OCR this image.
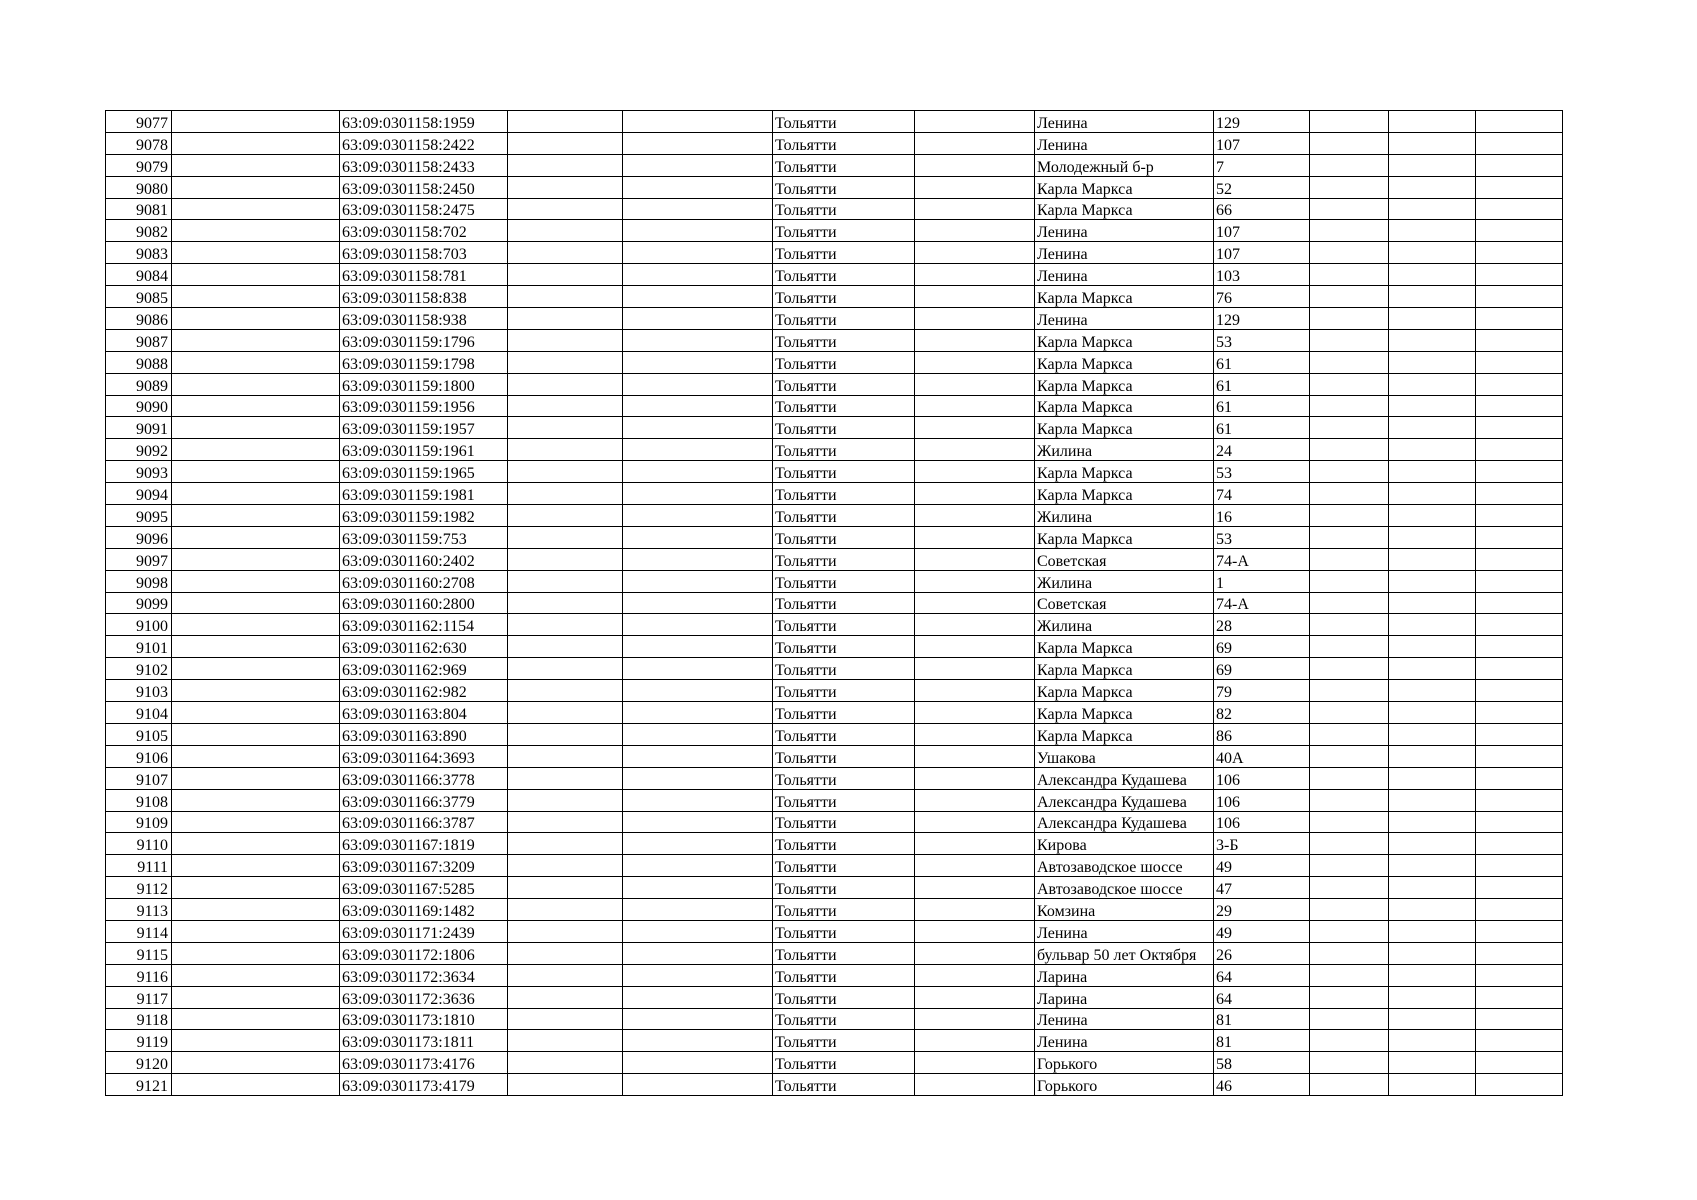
9077		63:09:0301158:1959			Тольятти		Ленина	129			
9078		63:09:0301158:2422			Тольятти		Ленина	107			
9079		63:09:0301158:2433			Тольятти		Молодежный б-р	7			
9080		63:09:0301158:2450			Тольятти		Карла Маркса	52			
9081		63:09:0301158:2475			Тольятти		Карла Маркса	66			
9082		63:09:0301158:702			Тольятти		Ленина	107			
9083		63:09:0301158:703			Тольятти		Ленина	107			
9084		63:09:0301158:781			Тольятти		Ленина	103			
9085		63:09:0301158:838			Тольятти		Карла Маркса	76			
9086		63:09:0301158:938			Тольятти		Ленина	129			
9087		63:09:0301159:1796			Тольятти		Карла Маркса	53			
9088		63:09:0301159:1798			Тольятти		Карла Маркса	61			
9089		63:09:0301159:1800			Тольятти		Карла Маркса	61			
9090		63:09:0301159:1956			Тольятти		Карла Маркса	61			
9091		63:09:0301159:1957			Тольятти		Карла Маркса	61			
9092		63:09:0301159:1961			Тольятти		Жилина	24			
9093		63:09:0301159:1965			Тольятти		Карла Маркса	53			
9094		63:09:0301159:1981			Тольятти		Карла Маркса	74			
9095		63:09:0301159:1982			Тольятти		Жилина	16			
9096		63:09:0301159:753			Тольятти		Карла Маркса	53			
9097		63:09:0301160:2402			Тольятти		Советская	74-А			
9098		63:09:0301160:2708			Тольятти		Жилина	1			
9099		63:09:0301160:2800			Тольятти		Советская	74-А			
9100		63:09:0301162:1154			Тольятти		Жилина	28			
9101		63:09:0301162:630			Тольятти		Карла Маркса	69			
9102		63:09:0301162:969			Тольятти		Карла Маркса	69			
9103		63:09:0301162:982			Тольятти		Карла Маркса	79			
9104		63:09:0301163:804			Тольятти		Карла Маркса	82			
9105		63:09:0301163:890			Тольятти		Карла Маркса	86			
9106		63:09:0301164:3693			Тольятти		Ушакова	40А			
9107		63:09:0301166:3778			Тольятти		Александра Кудашева	106			
9108		63:09:0301166:3779			Тольятти		Александра Кудашева	106			
9109		63:09:0301166:3787			Тольятти		Александра Кудашева	106			
9110		63:09:0301167:1819			Тольятти		Кирова	3-Б			
9111		63:09:0301167:3209			Тольятти		Автозаводское шоссе	49			
9112		63:09:0301167:5285			Тольятти		Автозаводское шоссе	47			
9113		63:09:0301169:1482			Тольятти		Комзина	29			
9114		63:09:0301171:2439			Тольятти		Ленина	49			
9115		63:09:0301172:1806			Тольятти		бульвар 50 лет Октября	26			
9116		63:09:0301172:3634			Тольятти		Ларина	64			
9117		63:09:0301172:3636			Тольятти		Ларина	64			
9118		63:09:0301173:1810			Тольятти		Ленина	81			
9119		63:09:0301173:1811			Тольятти		Ленина	81			
9120		63:09:0301173:4176			Тольятти		Горького	58			
9121		63:09:0301173:4179			Тольятти		Горького	46			
